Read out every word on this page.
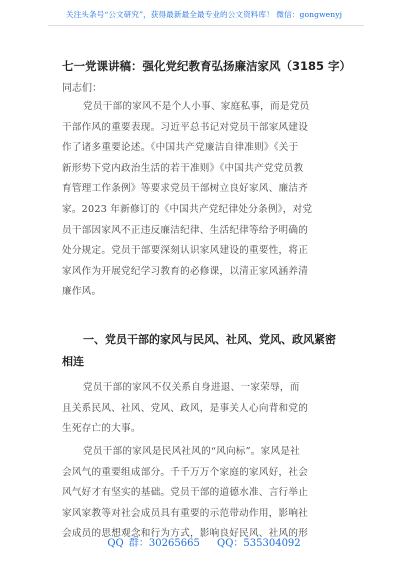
关注头条号“公文研究”，获得最新最全最专业的公文资料库！ 微信：gongwenyj
七一党课讲稿：强化党纪教育弘扬廉洁家风（3185 字）
同志们：
党员干部的家风不是个人小事、家庭私事，而是党员
干部作风的重要表现。习近平总书记对党员干部家风建设
作了诸多重要论述。《中国共产党廉洁自律准则》《关于
新形势下党内政治生活的若干准则》《中国共产党党员教
育管理工作条例》等要求党员干部树立良好家风、廉洁齐
家。2023 年新修订的《中国共产党纪律处分条例》，对党
员干部因家风不正违反廉洁纪律、生活纪律等给予明确的
处分规定。党员干部要深刻认识家风建设的重要性，将正
家风作为开展党纪学习教育的必修课，以清正家风涵养清
廉作风。
一、党员干部的家风与民风、社风、党风、政风紧密
相连
党员干部的家风不仅关系自身进退、一家荣辱，而
且关系民风、社风、党风、政风，是事关人心向背和党的
生死存亡的大事。
党员干部的家风是民风社风的“风向标”。家风是社
会风气的重要组成部分。千千万万个家庭的家风好，社会
风气好才有坚实的基础。党员干部的道德水准、言行举止
家风家教等对社会成员具有重要的示范带动作用，影响社
会成员的思想观念和行为方式，影响良好民风、社风的形
QQ 群：30265665 QQ：535304092
